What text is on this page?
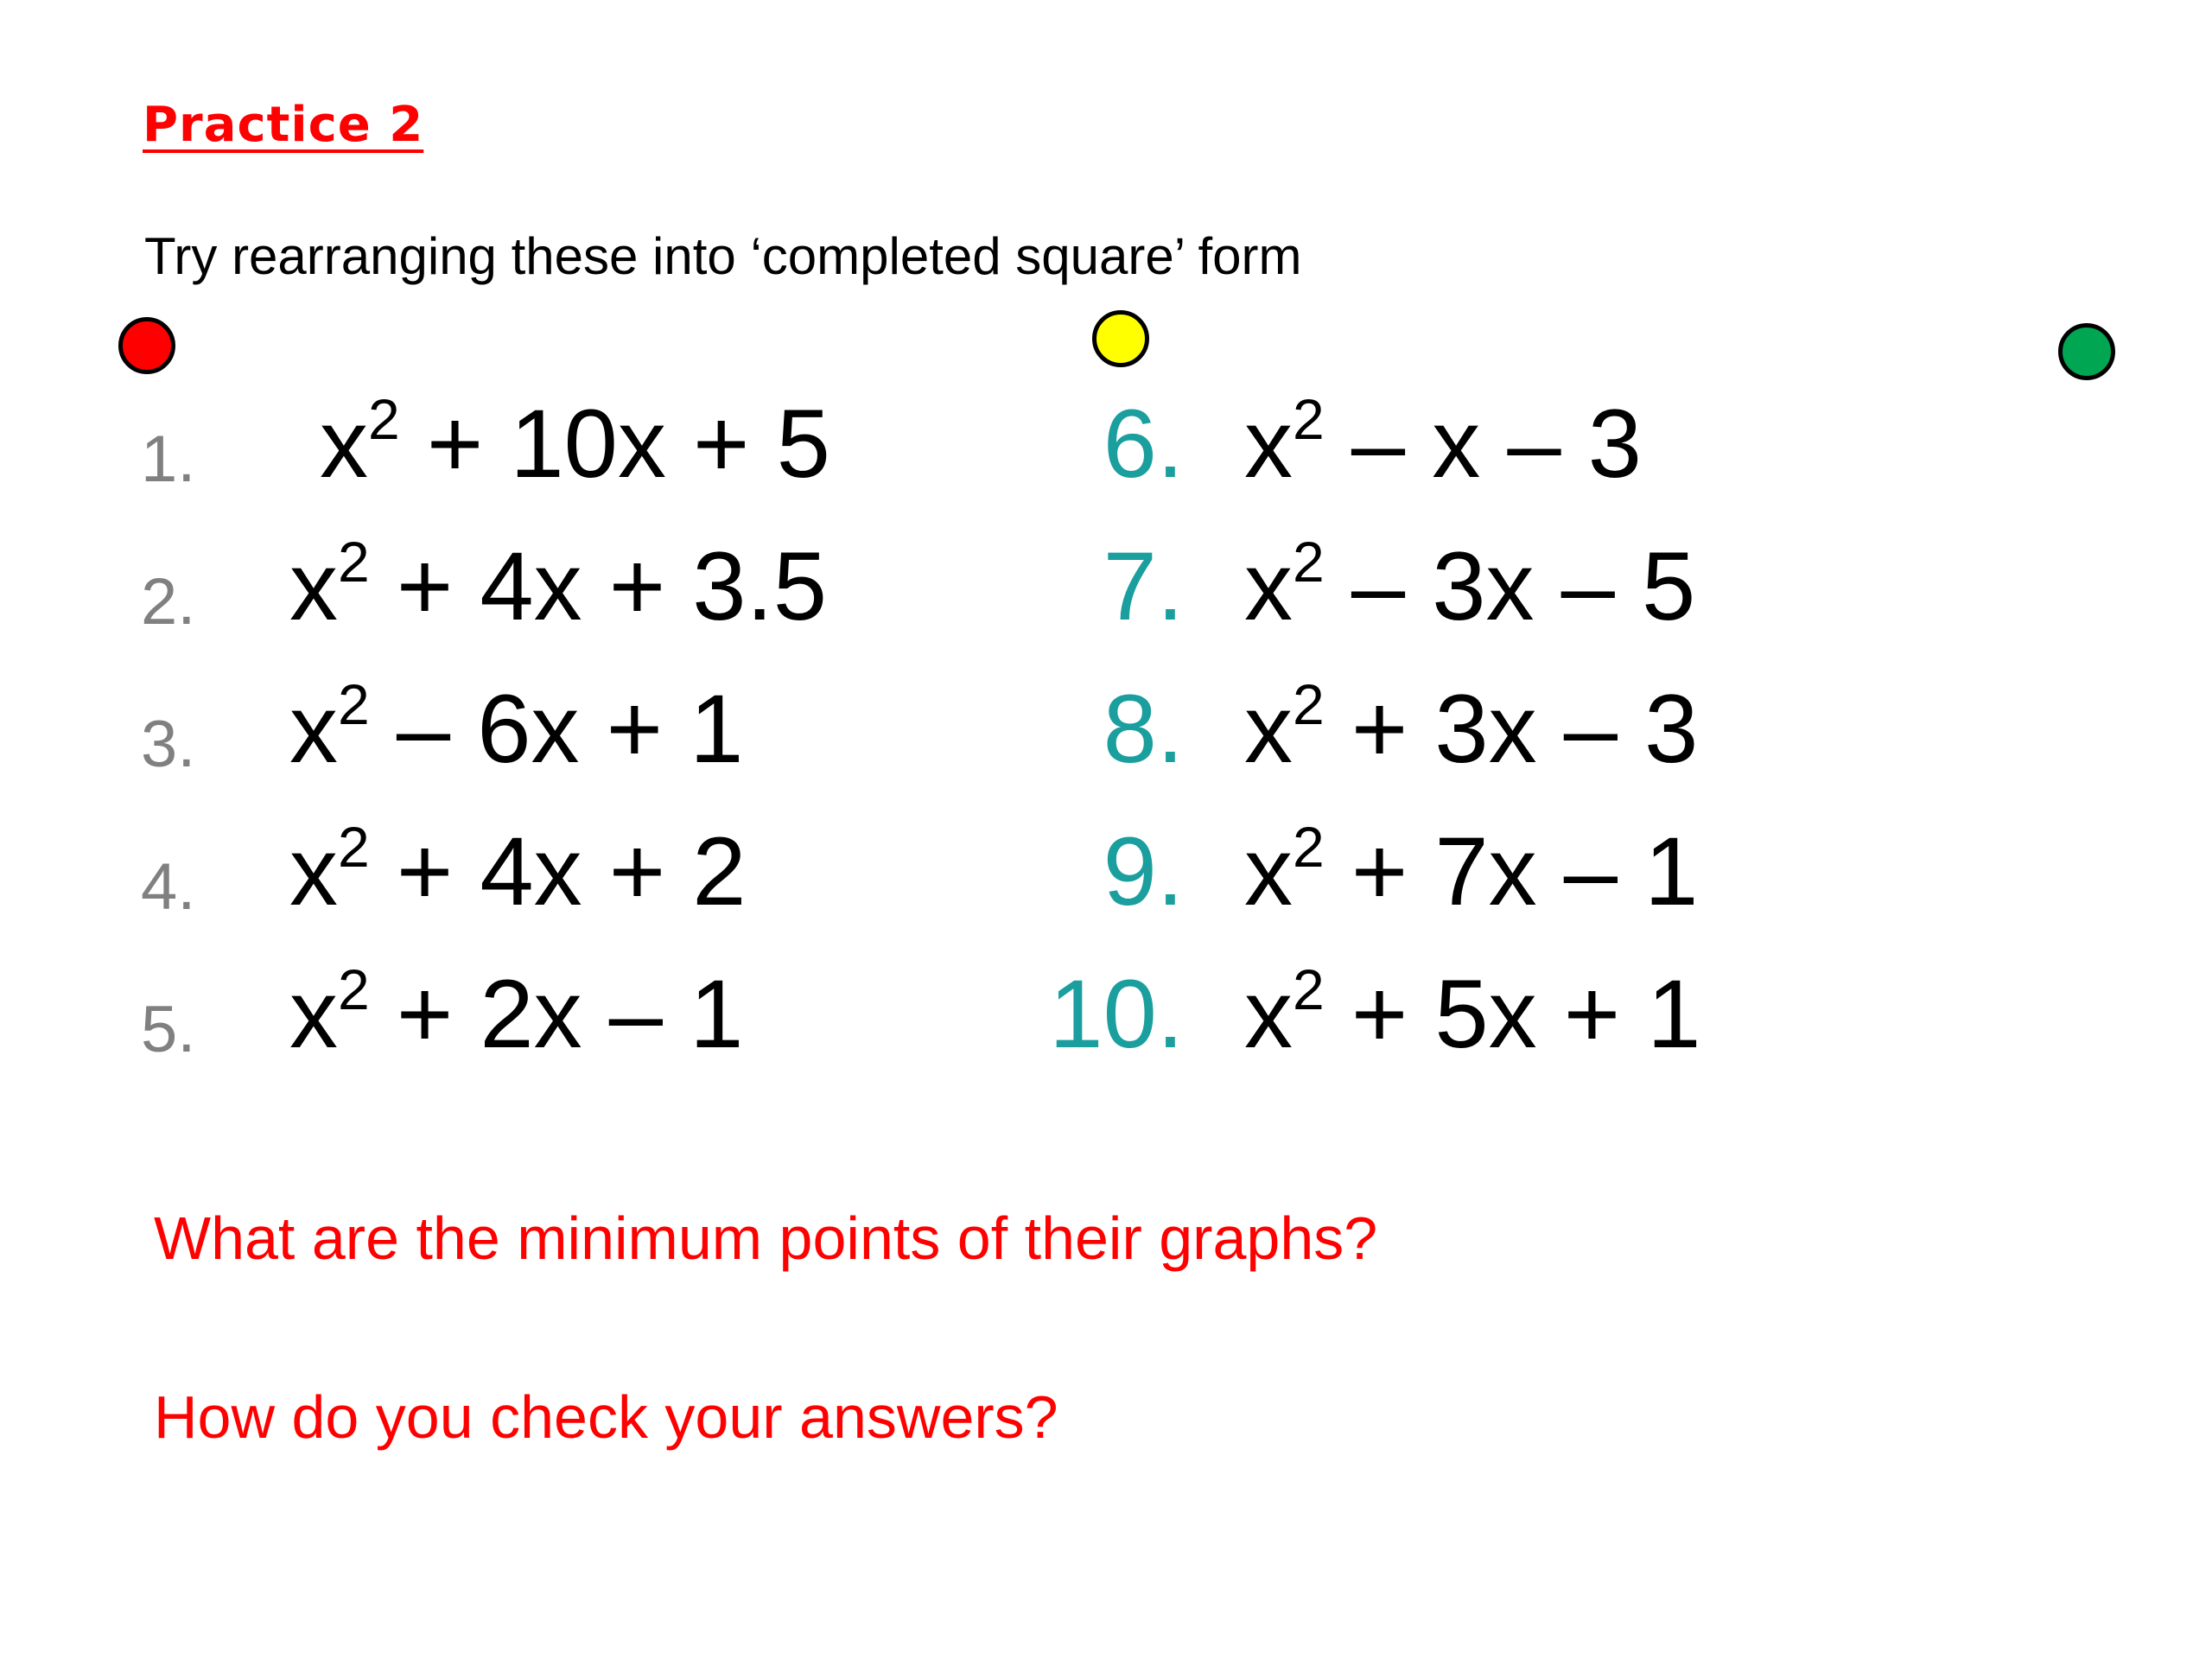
Practice 2
Try rearranging these into ‘completed square’ form
1. $x^2 + 10x + 5$
2. $x^2 + 4x + 3.5$
3. $x^2 - 6x + 1$
4. $x^2 + 4x + 2$
5. $x^2 + 2x - 1$
6. $x^2$ – x – 3
7. $x^2 - 3x - 5$
8. $x^2 + 3x - 3$
9. $x^2 + 7x - 1$
10. $x^2 + 5x + 1$
What are the minimum points of their graphs?
How do you check your answers?
